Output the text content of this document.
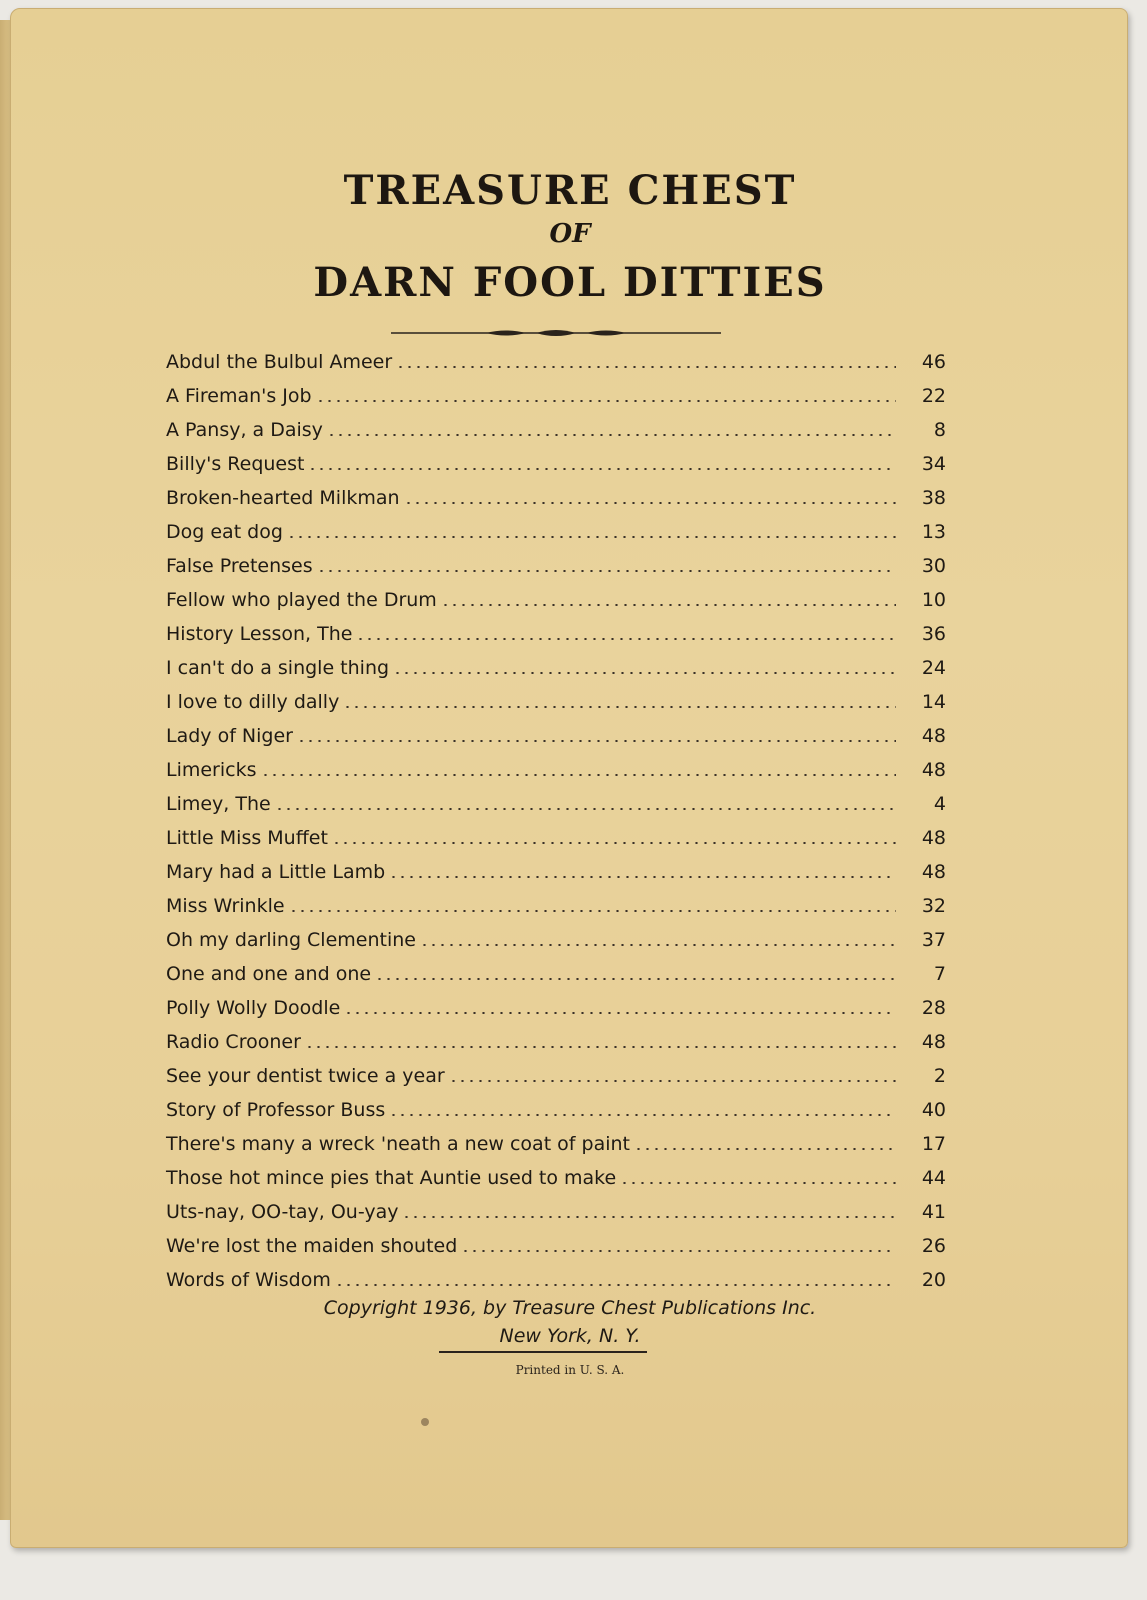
TREASURE CHEST
OF
DARN FOOL DITTIES
Abdul the Bulbul Ameer	46
A Fireman's Job	22
A Pansy, a Daisy	8
Billy's Request	34
Broken-hearted Milkman	38
Dog eat dog	13
False Pretenses	30
Fellow who played the Drum	10
History Lesson, The	36
I can't do a single thing	24
I love to dilly dally	14
Lady of Niger	48
Limericks	48
Limey, The	4
Little Miss Muffet	48
Mary had a Little Lamb	48
Miss Wrinkle	32
Oh my darling Clementine	37
One and one and one	7
Polly Wolly Doodle	28
Radio Crooner	48
See your dentist twice a year	2
Story of Professor Buss	40
There's many a wreck 'neath a new coat of paint	17
Those hot mince pies that Auntie used to make	44
Uts-nay, OO-tay, Ou-yay	41
We're lost the maiden shouted	26
Words of Wisdom	20
Copyright 1936, by Treasure Chest Publications Inc.
New York, N. Y.
Printed in U. S. A.
